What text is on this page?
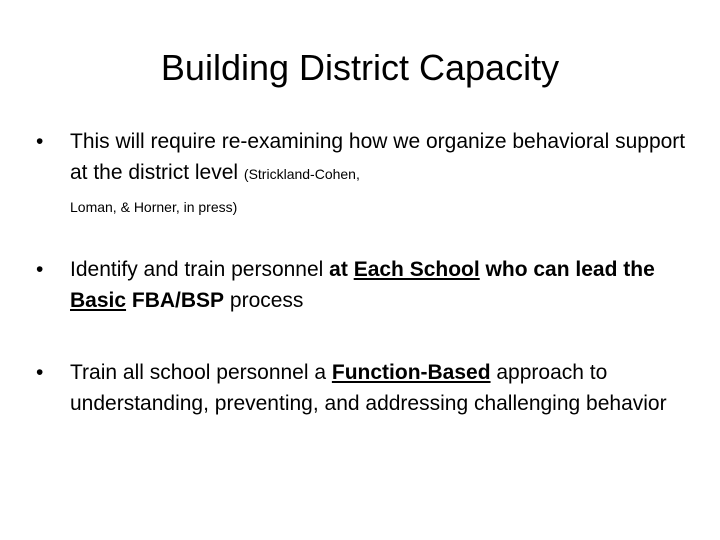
Building District Capacity
• This will require re-examining how we organize behavioral support at the district level (Strickland-Cohen,
Loman, & Horner, in press)
• Identify and train personnel at Each School who can lead the Basic FBA/BSP process
• Train all school personnel a Function-Based approach to understanding, preventing, and addressing challenging behavior
